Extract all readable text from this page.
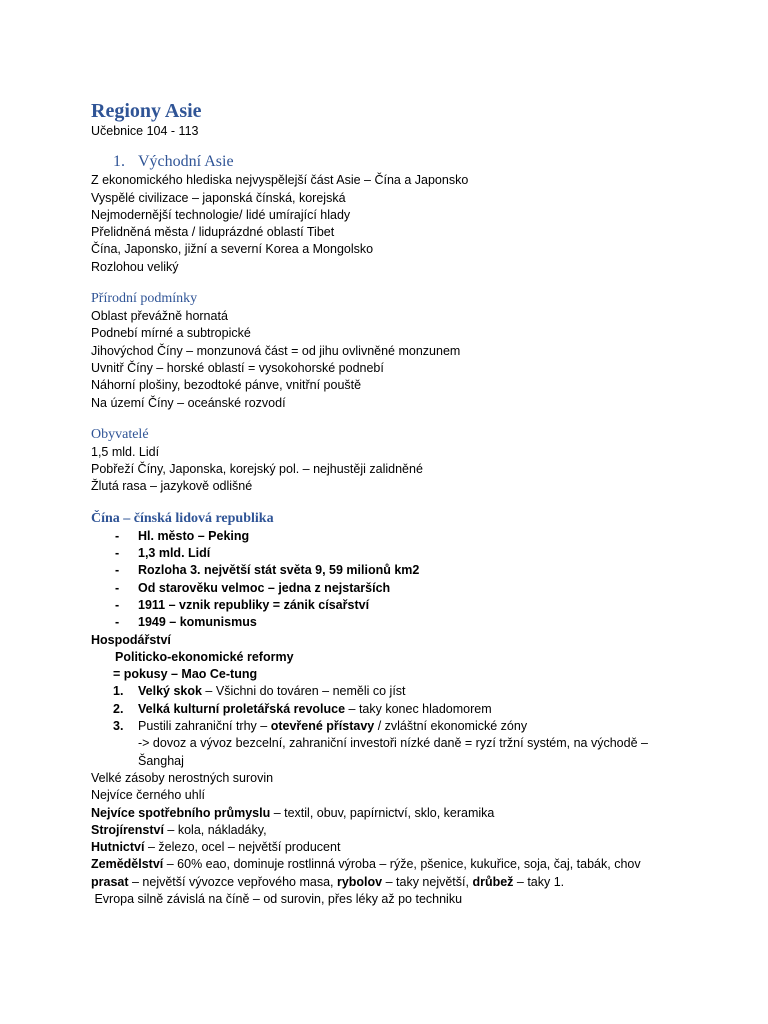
Regiony Asie
Učebnice 104 - 113
1. Východní Asie
Z ekonomického hlediska nejvyspělejší část Asie – Čína a Japonsko
Vyspělé civilizace – japonská čínská, korejská
Nejmodernější technologie/ lidé umírající hlady
Přelidněná města / liduprázdné oblastí Tibet
Čína, Japonsko, jižní a severní Korea a Mongolsko
Rozlohou veliký
Přírodní podmínky
Oblast převážně hornatá
Podnebí mírné a subtropické
Jihovýchod Číny – monzunová část = od jihu ovlivněné monzunem
Uvnitř Číny – horské oblastí = vysokohorské podnebí
Náhorní plošiny, bezodtoké pánve, vnitřní pouště
Na území Číny – oceánské rozvodí
Obyvatelé
1,5 mld. Lidí
Pobřeží Číny, Japonska, korejský pol. – nejhustěji zalidněné
Žlutá rasa – jazykově odlišné
Čína – čínská lidová republika
- Hl. město – Peking
- 1,3 mld. Lidí
- Rozloha 3. největší stát světa 9, 59 milionů km2
- Od starověku velmoc – jedna z nejstarších
- 1911 – vznik republiky = zánik císařství
- 1949 – komunismus
Hospodářství
Politicko-ekonomické reformy
= pokusy – Mao Ce-tung
1. Velký skok – Všichni do továren – neměli co jíst
2. Velká kulturní proletářská revoluce – taky konec hladomorem
3. Pustili zahraniční trhy – otevřené přístavy / zvláštní ekonomické zóny
-> dovoz a vývoz bezcelní, zahraniční investoři nízké daně = ryzí tržní systém, na východě –
Šanghaj
Velké zásoby nerostných surovin
Nejvíce černého uhlí
Nejvíce spotřebního průmyslu – textil, obuv, papírnictví, sklo, keramika
Strojírenství – kola, nákladáky,
Hutnictví – železo, ocel – největší producent
Zemědělství – 60% eao, dominuje rostlinná výroba – rýže, pšenice, kukuřice, soja, čaj, tabák, chov
prasat – největší vývozce vepřového masa, rybolov – taky největší, drůbež – taky 1.
Evropa silně závislá na číně – od surovin, přes léky až po techniku
